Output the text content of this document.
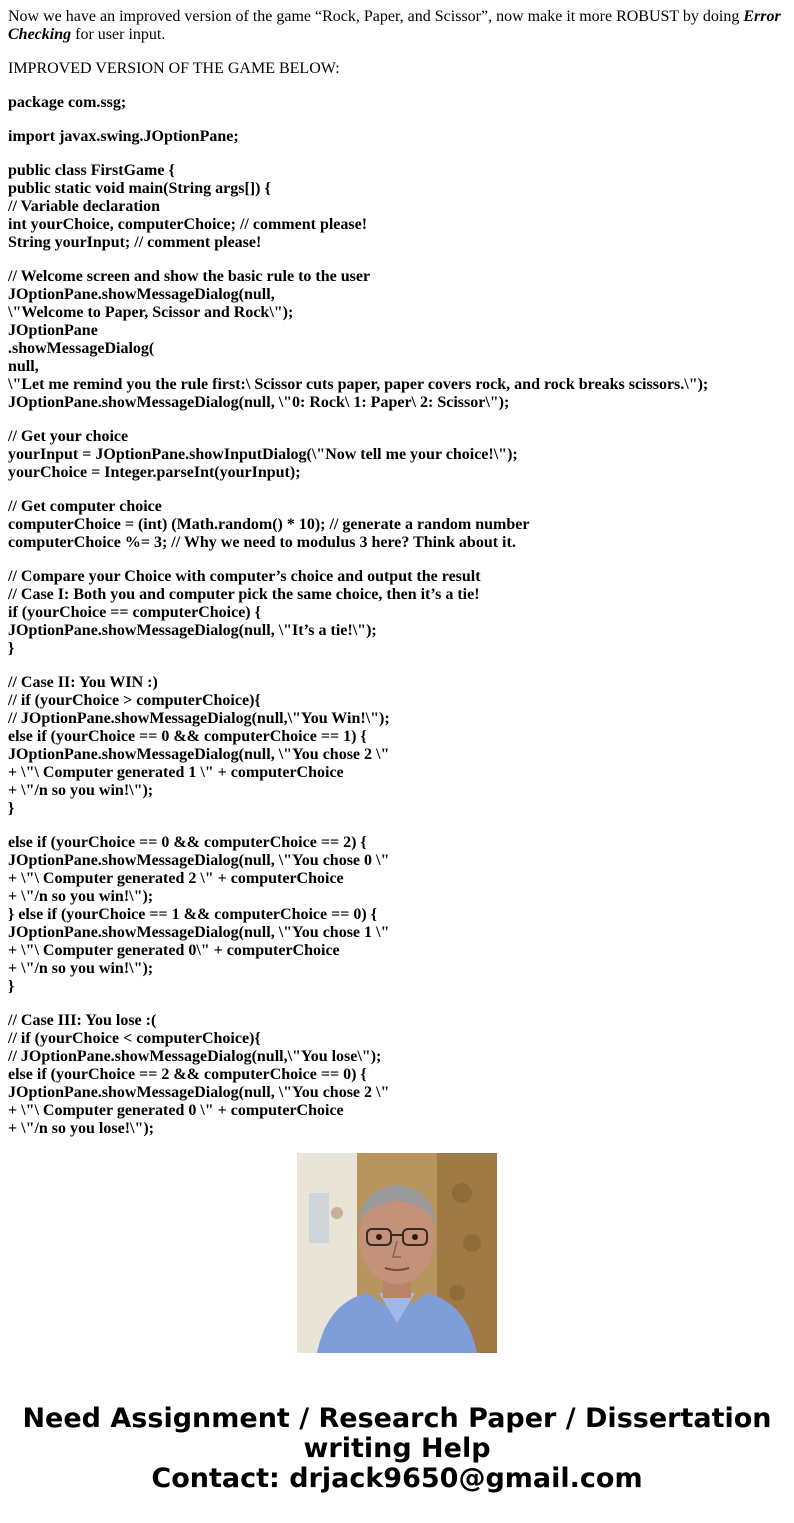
Now we have an improved version of the game “Rock, Paper, and Scissor”, now make it more ROBUST by doing Error Checking for user input.

IMPROVED VERSION OF THE GAME BELOW:

package com.ssg;
import javax.swing.JOptionPane;
public class FirstGame {
public static void main(String args[]) {
// Variable declaration
int yourChoice, computerChoice; // comment please!
String yourInput; // comment please!
// Welcome screen and show the basic rule to the user
JOptionPane.showMessageDialog(null,
\"Welcome to Paper, Scissor and Rock\");
JOptionPane
.showMessageDialog(
null,
\"Let me remind you the rule first:\ Scissor cuts paper, paper covers rock, and rock breaks scissors.\");
JOptionPane.showMessageDialog(null, \"0: Rock\ 1: Paper\ 2: Scissor\");
// Get your choice
yourInput = JOptionPane.showInputDialog(\"Now tell me your choice!\");
yourChoice = Integer.parseInt(yourInput);
// Get computer choice
computerChoice = (int) (Math.random() * 10); // generate a random number
computerChoice %= 3; // Why we need to modulus 3 here? Think about it.
// Compare your Choice with computer’s choice and output the result
// Case I: Both you and computer pick the same choice, then it’s a tie!
if (yourChoice == computerChoice) {
JOptionPane.showMessageDialog(null, \"It’s a tie!\");
}
// Case II: You WIN :)
// if (yourChoice > computerChoice){
// JOptionPane.showMessageDialog(null,\"You Win!\");
else if (yourChoice == 0 && computerChoice == 1) {
JOptionPane.showMessageDialog(null, \"You chose 2 \"
+ \"\ Computer generated 1 \" + computerChoice
+ \"/n so you win!\");
}
else if (yourChoice == 0 && computerChoice == 2) {
JOptionPane.showMessageDialog(null, \"You chose 0 \"
+ \"\ Computer generated 2 \" + computerChoice
+ \"/n so you win!\");
} else if (yourChoice == 1 && computerChoice == 0) {
JOptionPane.showMessageDialog(null, \"You chose 1 \"
+ \"\ Computer generated 0\" + computerChoice
+ \"/n so you win!\");
}
// Case III: You lose :(
// if (yourChoice < computerChoice){
// JOptionPane.showMessageDialog(null,\"You lose\");
else if (yourChoice == 2 && computerChoice == 0) {
JOptionPane.showMessageDialog(null, \"You chose 2 \"
+ \"\ Computer generated 0 \" + computerChoice
+ \"/n so you lose!\");
Need Assignment / Research Paper / Dissertation
writing Help
Contact: drjack9650@gmail.com
